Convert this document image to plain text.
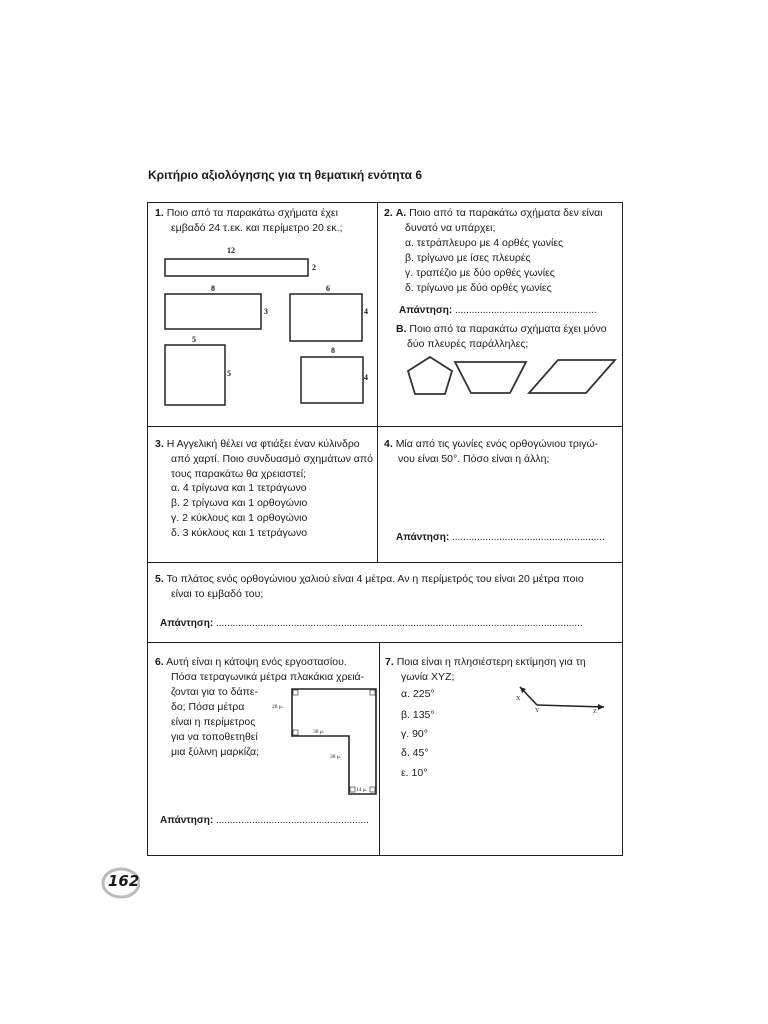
Κριτήριο αξιολόγησης για τη θεματική ενότητα 6
1. Ποιο από τα παρακάτω σχήματα έχει
εμβαδό 24 τ.εκ. και περίμετρο 20 εκ.;
12
2
8
3
6
4
5
5
8
4
2. A. Ποιο από τα παρακάτω σχήματα δεν είναι
δυνατό να υπάρχει;
α. τετράπλευρο με 4 ορθές γωνίες
β. τρίγωνο με ίσες πλευρές
γ. τραπέζιο με δύο ορθές γωνίες
δ. τρίγωνο με δύο ορθές γωνίες
Απάντηση: ...................................................
B. Ποιο από τα παρακάτω σχήματα έχει μόνο
δύο πλευρές παράλληλες;
3. Η Αγγελική θέλει να φτιάξει έναν κύλινδρο
από χαρτί. Ποιο συνδυασμό σχημάτων από
τους παρακάτω θα χρειαστεί;
α. 4 τρίγωνα και 1 τετράγωνο
β. 2 τρίγωνα και 1 ορθογώνιο
γ. 2 κύκλους και 1 ορθογώνιο
δ. 3 κύκλους και 1 τετράγωνο
4. Μία από τις γωνίες ενός ορθογώνιου τριγώ-
νου είναι 50°. Πόσο είναι η άλλη;
Απάντηση: .......................................................
5. Το πλάτος ενός ορθογώνιου χαλιού είναι 4 μέτρα. Αν η περίμετρός του είναι 20 μέτρα ποιο
είναι το εμβαδό του;
Απάντηση: ....................................................................................................................................
6. Αυτή είναι η κάτοψη ενός εργοστασίου.
Πόσα τετραγωνικά μέτρα πλακάκια χρειά-
ζονται για το δάπε-
δο; Πόσα μέτρα
είναι η περίμετρος
για να τοποθετηθεί
μια ξύλινη μαρκίζα;
28 μ.
38 μ.
38 μ.
14 μ.
Απάντηση: .......................................................
7. Ποια είναι η πλησιέστερη εκτίμηση για τη
γωνία ΧΥΖ;
α. 225°
β. 135°
γ. 90°
δ. 45°
ε. 10°
X
Y	Z
162
